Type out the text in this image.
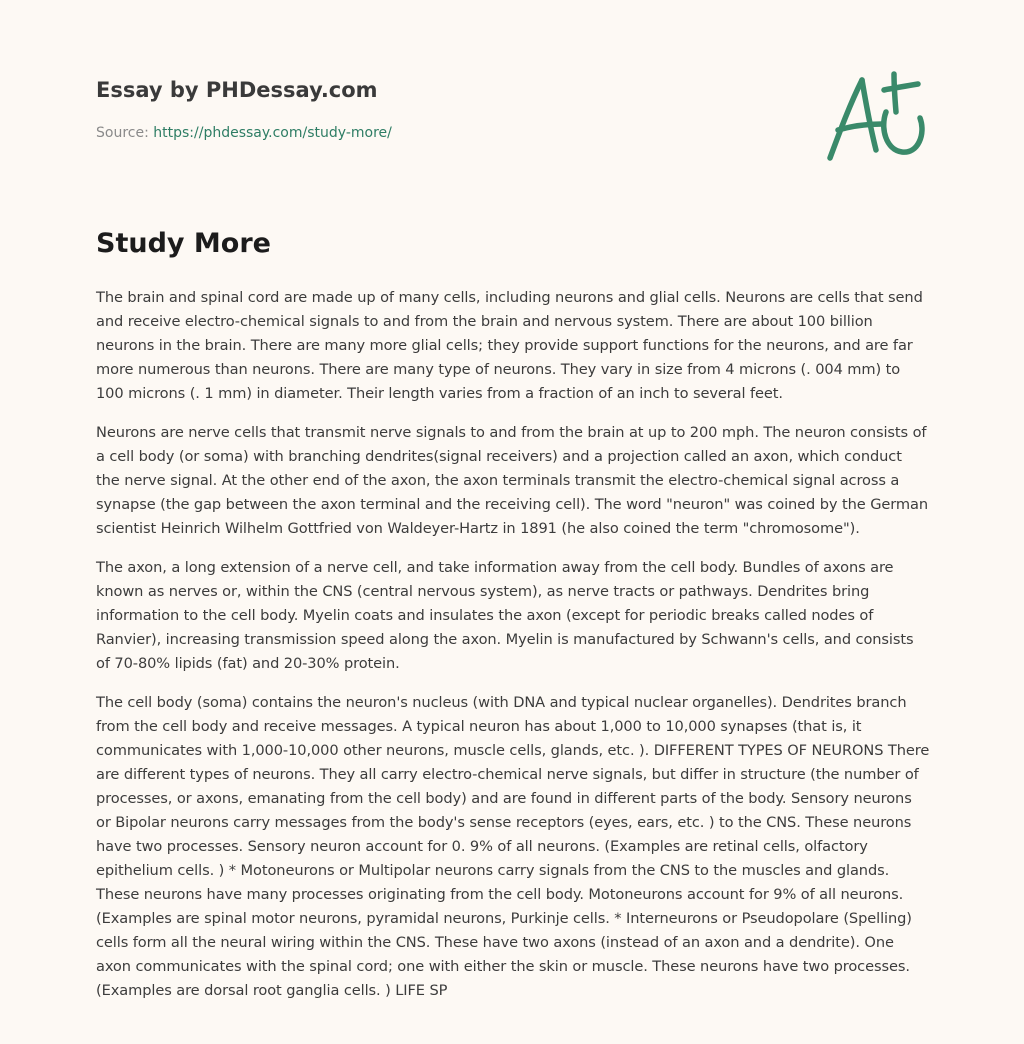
Essay by PHDessay.com
Source: https://phdessay.com/study-more/
Study More

The brain and spinal cord are made up of many cells, including neurons and glial cells. Neurons are cells that send and receive electro-chemical signals to and from the brain and nervous system. There are about 100 billion neurons in the brain. There are many more glial cells; they provide support functions for the neurons, and are far more numerous than neurons. There are many type of neurons. They vary in size from 4 microns (. 004 mm) to 100 microns (. 1 mm) in diameter. Their length varies from a fraction of an inch to several feet.

Neurons are nerve cells that transmit nerve signals to and from the brain at up to 200 mph. The neuron consists of a cell body (or soma) with branching dendrites(signal receivers) and a projection called an axon, which conduct the nerve signal. At the other end of the axon, the axon terminals transmit the electro-chemical signal across a synapse (the gap between the axon terminal and the receiving cell). The word "neuron" was coined by the German scientist Heinrich Wilhelm Gottfried von Waldeyer-Hartz in 1891 (he also coined the term "chromosome").

The axon, a long extension of a nerve cell, and take information away from the cell body. Bundles of axons are known as nerves or, within the CNS (central nervous system), as nerve tracts or pathways. Dendrites bring information to the cell body. Myelin coats and insulates the axon (except for periodic breaks called nodes of Ranvier), increasing transmission speed along the axon. Myelin is manufactured by Schwann's cells, and consists of 70-80% lipids (fat) and 20-30% protein.

The cell body (soma) contains the neuron's nucleus (with DNA and typical nuclear organelles). Dendrites branch from the cell body and receive messages. A typical neuron has about 1,000 to 10,000 synapses (that is, it communicates with 1,000-10,000 other neurons, muscle cells, glands, etc. ). DIFFERENT TYPES OF NEURONS There are different types of neurons. They all carry electro-chemical nerve signals, but differ in structure (the number of processes, or axons, emanating from the cell body) and are found in different parts of the body. Sensory neurons or Bipolar neurons carry messages from the body's sense receptors (eyes, ears, etc. ) to the CNS. These neurons have two processes. Sensory neuron account for 0. 9% of all neurons. (Examples are retinal cells, olfactory epithelium cells. ) * Motoneurons or Multipolar neurons carry signals from the CNS to the muscles and glands. These neurons have many processes originating from the cell body. Motoneurons account for 9% of all neurons. (Examples are spinal motor neurons, pyramidal neurons, Purkinje cells. * Interneurons or Pseudopolare (Spelling) cells form all the neural wiring within the CNS. These have two axons (instead of an axon and a dendrite). One axon communicates with the spinal cord; one with either the skin or muscle. These neurons have two processes. (Examples are dorsal root ganglia cells. ) LIFE SP
